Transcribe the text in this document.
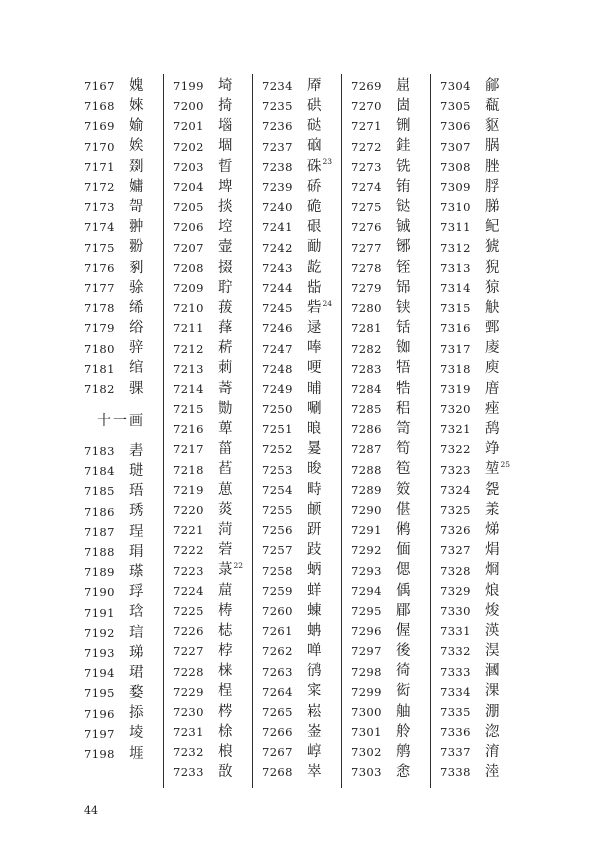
7167 媿
7168 婡
7169 媮
7170 娭
7171 剟
7172 嫞
7173 哿
7174 翀
7175 翂
7176 剢
7177 𬳿
7178 𫄨
7179 绤
7180 骍
7181 绾
7182 骒
十一画
7183 砉
7184 琎
7185 珸
7186 琇
7187 珵
7188 琄
7189 瑹
7190 琈
7191 琀
7192 琂
7193 珶
7194 珺
7195 婺
7196 掭
7197 堎
7198 堐
7199 埼
7200 掎
7201 堖
7202 堌
7203 晢
7204 埤
7205 掞
7206 埪
7207 壸
7208 掇
7209 聍
7210 菝
7211 萚
7212 菥
7213 莿
7214 䓫
7215 勚
7216 萆
7217 菑
7218 萏
7219 葸
7220 菼
7221 菏
7222 菪
7223 菉 22
7224 䓛
7225 梼
7226 梽
7227 桲
7228 梾
7229 桯
7230 梣
7231 梌
7232 桹
7233 敔
7234 厣
7235 硔
7236 鿎
7237 硇
7238 硃 23
7239 硚
7240 硊
7241 硍
7242 勔
7243 龁
7244 啙
7245 砦 24
7246 逯
7247 唪
7248 哽
7249 晡
7250 唰
7251 㫰
7252 㬊
7253 晙
7254 畤
7255 𬱖
7256 趼
7257 跂
7258 蛃
7259 蛘
7260 蝀
7261 蚺
7262 啴
7263 鸻
7264 寀
7265 崧
7266 崟
7267 崞
7268 崒
7269 崫
7270 崮
7271 铏
7272 銈
7273 铣
7274 铕
7275 𫟼
7276 铖
7277 铘
7278 铚
7279 铞
7280 铗
7281 铦
7282 铷
7283 牾
7284 牿
7285 稆
7286 笥
7287 笱
7288 笣
7289 笯
7290 偡
7291 鸺
7292 偭
7293 偲
7294 偊
7295 郿
7296 偓
7297 後
7298 徛
7299 衒
7300 舳
7301 舲
7302 鸼
7303 悆
7304 鄃
7305 瓻
7306 䝙
7307 脶
7308 脞
7309 脬
7310 䏲
7311 鱾
7312 猇
7313 猊
7314 猄
7315 觖
7316 鄄
7317 庱
7318 庾
7319 庴
7320 痤
7321 鸹
7322 竫
7323 堃 25
7324 㼝
7325 羕
7326 焍
7327 焆
7328 烱
7329 烺
7330 焌
7331 渶
7332 淏
7333 漍
7334 淉
7335 淜
7336 淴
7337 淯
7338 淕
44
